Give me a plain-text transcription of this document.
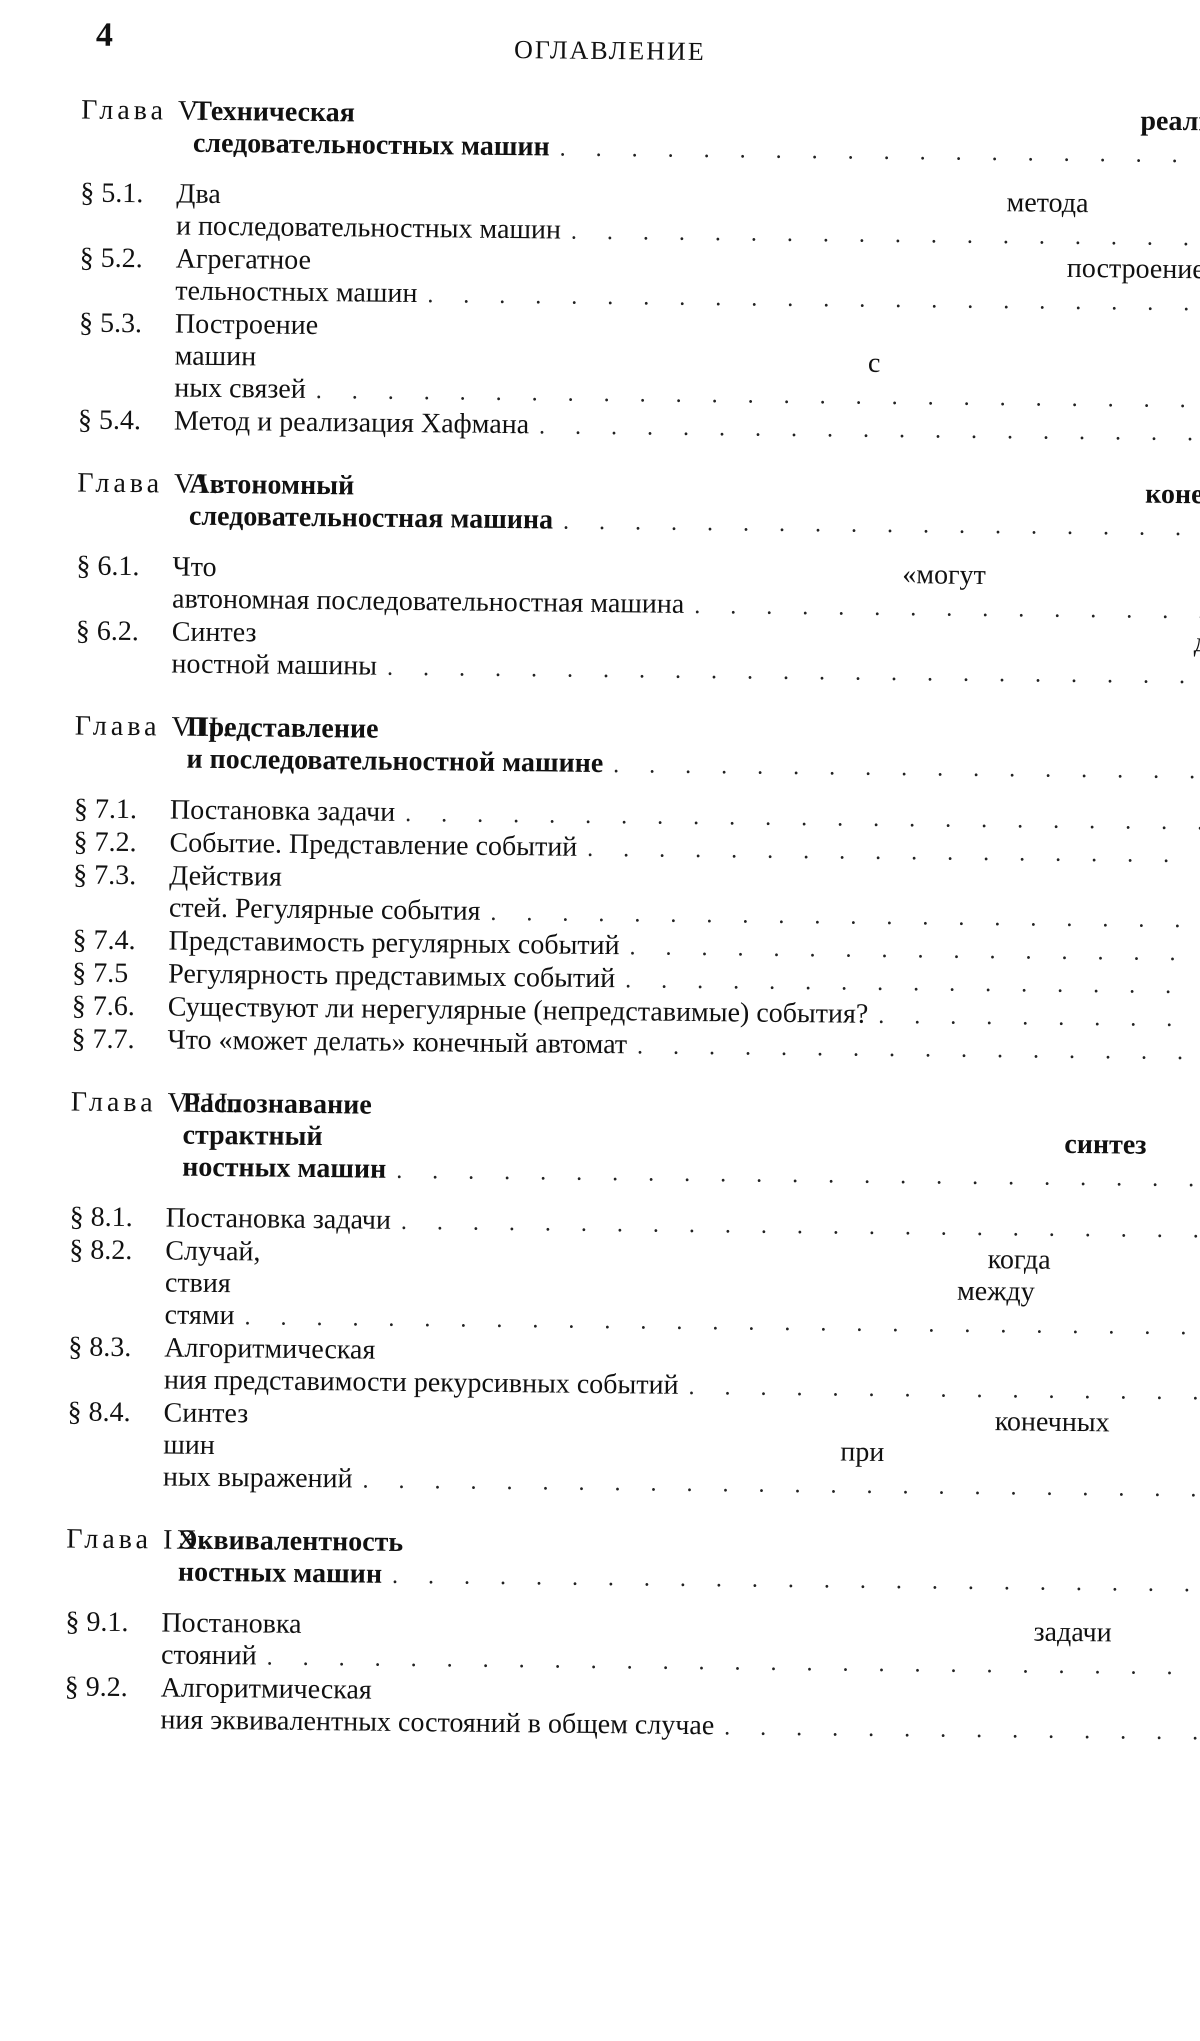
4	ОГЛАВЛЕНИЕ
Глава V.
Техническая реализация
следовательностных машин
. . .
§ 5.1.	Два метода
и последовательностных машин
. . .
§ 5.2.	Агрегатное построение
тельностных машин
. . .
§ 5.3.	Построение
машин с
ных связей
. . .
§ 5.4.	Метод и реализация Хафмана
. . .
Глава VI.
Автономный конечный
следовательностная машина
. . .
§ 6.1.	Что «могут
автономная последовательностная машина
. . .
§ 6.2.	Синтез двоичной
ностной машины
. . .
Глава VII.
Представление
и последовательностной машине
. . .
§ 7.1.	Постановка задачи
. . .
§ 7.2.	Событие. Представление событий
. . .
§ 7.3.	Действия
стей. Регулярные события
. . .
§ 7.4.	Представимость регулярных событий
. . .
§ 7.5	Регулярность представимых событий
. . .
§ 7.6.	Существуют ли нерегулярные (непредставимые) события?
. . .
§ 7.7.	Что «может делать» конечный автомат
. . .
Глава VIII.
Распознавание
страктный синтез
ностных машин
. . .
§ 8.1.	Постановка задачи
. . .
§ 8.2.	Случай, когда
ствия между
стями
. . .
§ 8.3.	Алгоритмическая
ния представимости рекурсивных событий
. . .
§ 8.4.	Синтез конечных
шин при
ных выражений
. . .
Глава IX.
Эквивалентность
ностных машин
. . .
§ 9.1.	Постановка задачи
стояний
. . .
§ 9.2.	Алгоритмическая
ния эквивалентных состояний в общем случае
. . .
